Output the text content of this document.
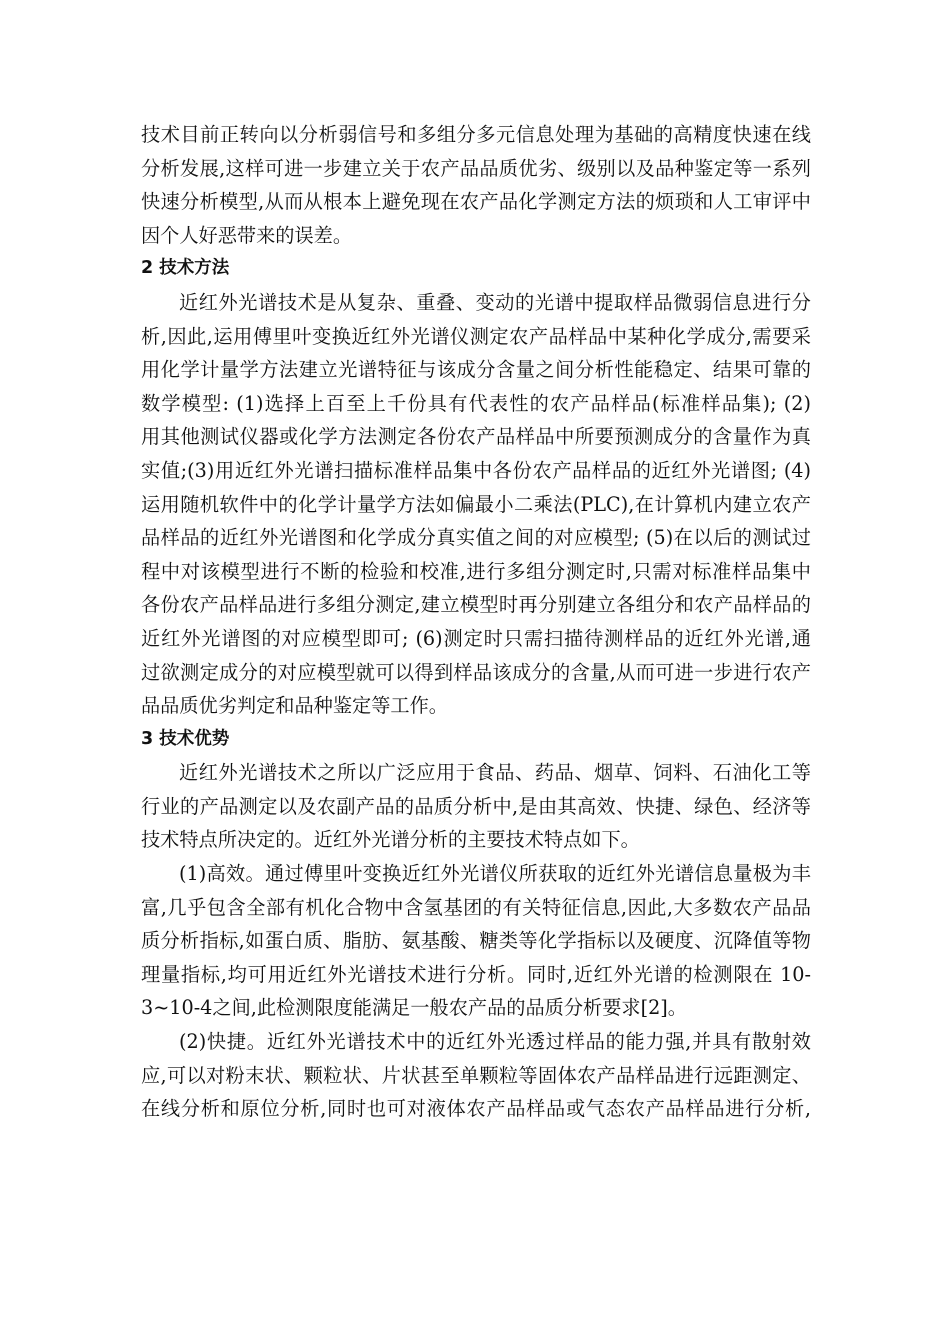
技术目前正转向以分析弱信号和多组分多元信息处理为基础的高精度快速在线
分析发展,这样可进一步建立关于农产品品质优劣、级别以及品种鉴定等一系列
快速分析模型,从而从根本上避免现在农产品化学测定方法的烦琐和人工审评中
因个人好恶带来的误差。
2 技术方法
近红外光谱技术是从复杂、重叠、变动的光谱中提取样品微弱信息进行分
析,因此,运用傅里叶变换近红外光谱仪测定农产品样品中某种化学成分,需要采
用化学计量学方法建立光谱特征与该成分含量之间分析性能稳定、结果可靠的
数学模型: (1)选择上百至上千份具有代表性的农产品样品(标准样品集); (2)
用其他测试仪器或化学方法测定各份农产品样品中所要预测成分的含量作为真
实值;(3)用近红外光谱扫描标准样品集中各份农产品样品的近红外光谱图; (4)
运用随机软件中的化学计量学方法如偏最小二乘法(PLC),在计算机内建立农产
品样品的近红外光谱图和化学成分真实值之间的对应模型; (5)在以后的测试过
程中对该模型进行不断的检验和校准,进行多组分测定时,只需对标准样品集中
各份农产品样品进行多组分测定,建立模型时再分别建立各组分和农产品样品的
近红外光谱图的对应模型即可; (6)测定时只需扫描待测样品的近红外光谱,通
过欲测定成分的对应模型就可以得到样品该成分的含量,从而可进一步进行农产
品品质优劣判定和品种鉴定等工作。
3 技术优势
近红外光谱技术之所以广泛应用于食品、药品、烟草、饲料、石油化工等
行业的产品测定以及农副产品的品质分析中,是由其高效、快捷、绿色、经济等
技术特点所决定的。近红外光谱分析的主要技术特点如下。
(1)高效。通过傅里叶变换近红外光谱仪所获取的近红外光谱信息量极为丰
富,几乎包含全部有机化合物中含氢基团的有关特征信息,因此,大多数农产品品
质分析指标,如蛋白质、脂肪、氨基酸、糖类等化学指标以及硬度、沉降值等物
理量指标,均可用近红外光谱技术进行分析。同时,近红外光谱的检测限在 10-
3~10-4之间,此检测限度能满足一般农产品的品质分析要求[2]。
(2)快捷。近红外光谱技术中的近红外光透过样品的能力强,并具有散射效
应,可以对粉末状、颗粒状、片状甚至单颗粒等固体农产品样品进行远距测定、
在线分析和原位分析,同时也可对液体农产品样品或气态农产品样品进行分析,
